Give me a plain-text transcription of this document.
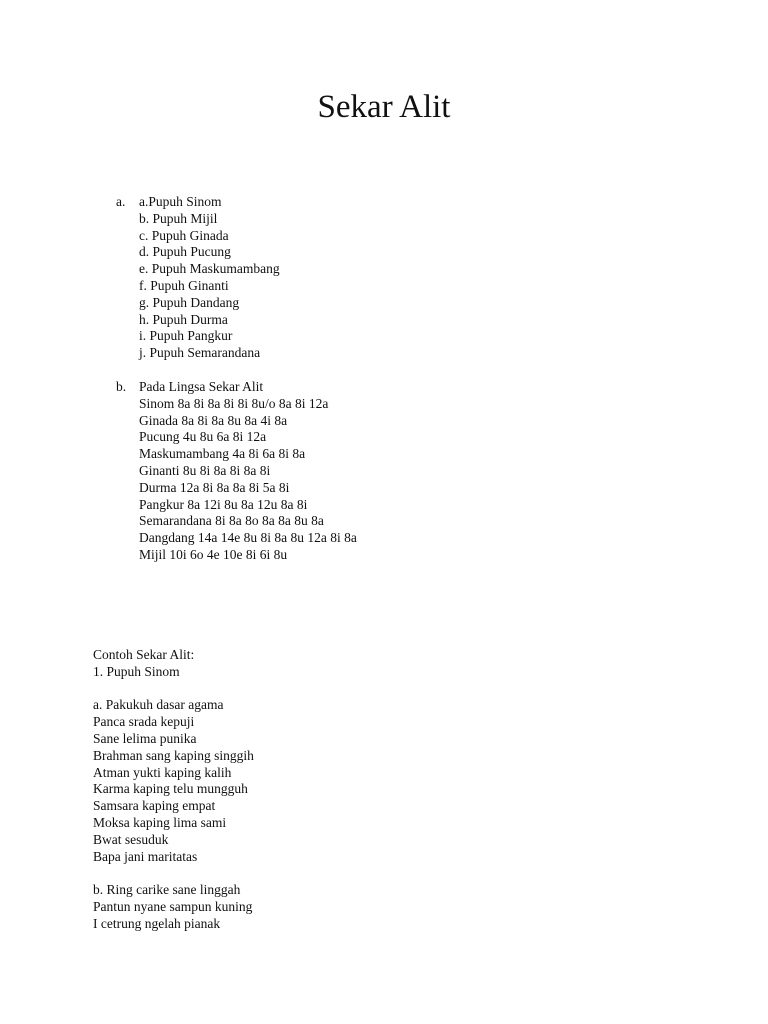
Sekar Alit
a.	a.Pupuh Sinom
b. Pupuh Mijil
c. Pupuh Ginada
d. Pupuh Pucung
e. Pupuh Maskumambang
f. Pupuh Ginanti
g. Pupuh Dandang
h. Pupuh Durma
i. Pupuh Pangkur
j. Pupuh Semarandana
b. Pada Lingsa Sekar Alit
Sinom 8a 8i 8a 8i 8i 8u/o 8a 8i 12a
Ginada 8a 8i 8a 8u 8a 4i 8a
Pucung 4u 8u 6a 8i 12a
Maskumambang 4a 8i 6a 8i 8a
Ginanti 8u 8i 8a 8i 8a 8i
Durma 12a 8i 8a 8a 8i 5a 8i
Pangkur 8a 12i 8u 8a 12u 8a 8i
Semarandana 8i 8a 8o 8a 8a 8u 8a
Dangdang 14a 14e 8u 8i 8a 8u 12a 8i 8a
Mijil 10i 6o 4e 10e 8i 6i 8u
Contoh Sekar Alit:
1. Pupuh Sinom
a. Pakukuh dasar agama
Panca srada kepuji
Sane lelima punika
Brahman sang kaping singgih
Atman yukti kaping kalih
Karma kaping telu mungguh
Samsara kaping empat
Moksa kaping lima sami
Bwat sesuduk
Bapa jani maritatas
b. Ring carike sane linggah
Pantun nyane sampun kuning
I cetrung ngelah pianak
